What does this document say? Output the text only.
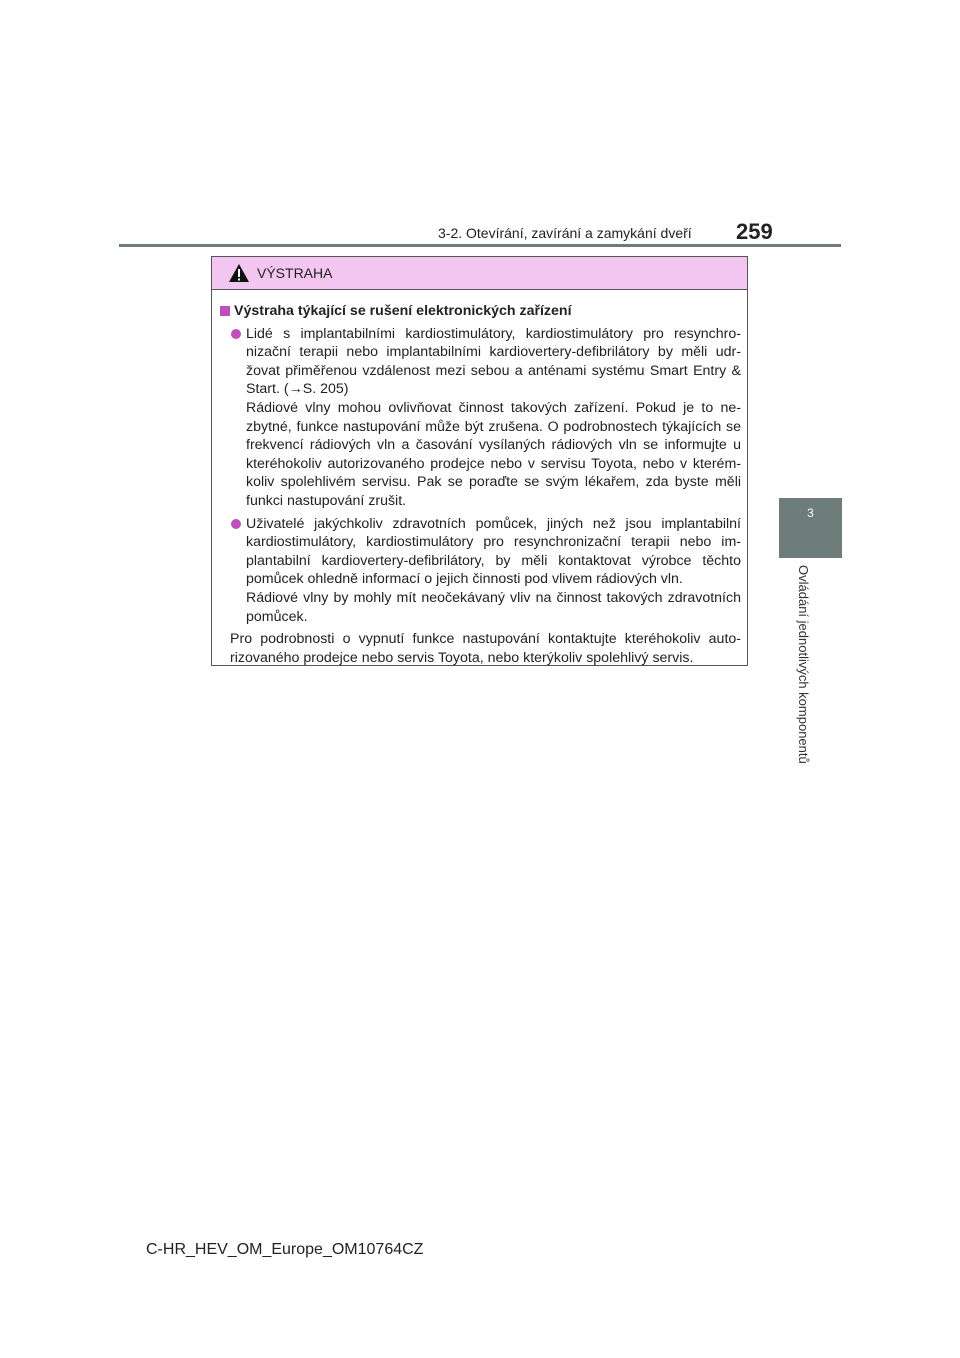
3-2. Otevírání, zavírání a zamykání dveří 259
3
Ovládání jednotlivých komponentů
VÝSTRAHA
Výstraha týkající se rušení elektronických zařízení
Lidé s implantabilními kardiostimulátory, kardiostimulátory pro resynchro-nizační terapii nebo implantabilními kardiovertery-defibrilátory by měli udr-žovat přiměřenou vzdálenost mezi sebou a anténami systému Smart Entry & Start. (→S. 205)
Rádiové vlny mohou ovlivňovat činnost takových zařízení. Pokud je to ne-zbytné, funkce nastupování může být zrušena. O podrobnostech týkajících se frekvencí rádiových vln a časování vysílaných rádiových vln se informujte u kteréhokoliv autorizovaného prodejce nebo v servisu Toyota, nebo v kterém-koliv spolehlivém servisu. Pak se poraďte se svým lékařem, zda byste měli funkci nastupování zrušit.
Uživatelé jakýchkoliv zdravotních pomůcek, jiných než jsou implantabilní kardiostimulátory, kardiostimulátory pro resynchronizační terapii nebo im-plantabilní kardiovertery-defibrilátory, by měli kontaktovat výrobce těchto pomůcek ohledně informací o jejich činnosti pod vlivem rádiových vln.
Rádiové vlny by mohly mít neočekávaný vliv na činnost takových zdravotních pomůcek.
Pro podrobnosti o vypnutí funkce nastupování kontaktujte kteréhokoliv auto-rizovaného prodejce nebo servis Toyota, nebo kterýkoliv spolehlivý servis.
C-HR_HEV_OM_Europe_OM10764CZ
